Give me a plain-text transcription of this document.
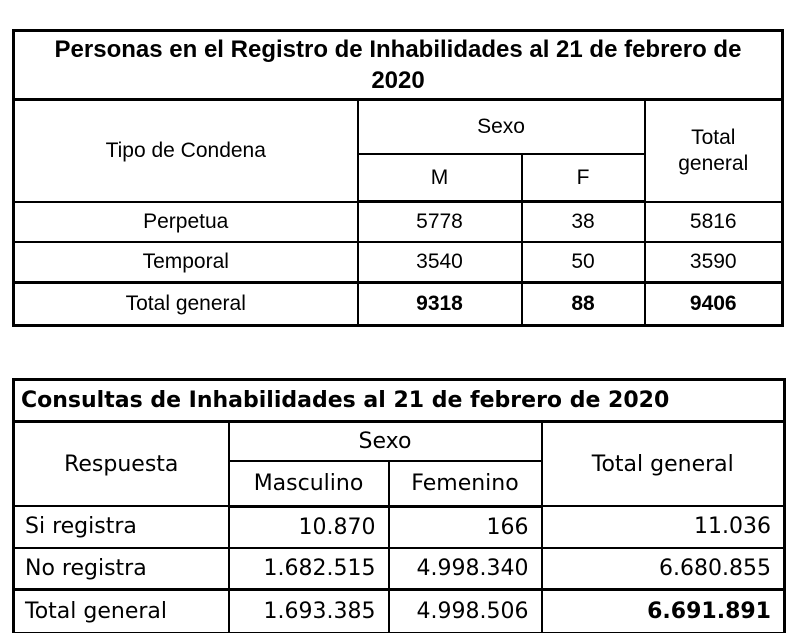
Personas en el Registro de Inhabilidades al 21 de febrero de 2020			
Tipo de Condena	Sexo		Total general
	M	F	
Perpetua	5778	38	5816
Temporal	3540	50	3590
Total general	9318	88	9406
Consultas de Inhabilidades al 21 de febrero de 2020			
Respuesta	Sexo		Total general
	Masculino	Femenino	
Si registra	10.870	166	11.036
No registra	1.682.515	4.998.340	6.680.855
Total general	1.693.385	4.998.506	6.691.891
